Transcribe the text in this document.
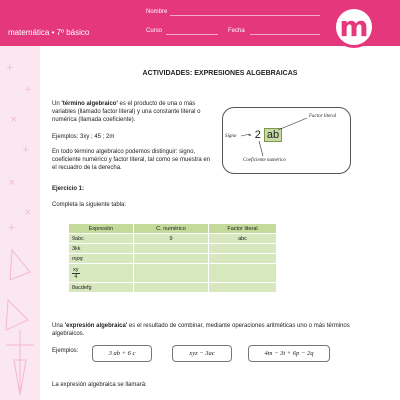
+
+
×
+
×
+
×
matemática • 7º básico
Nombre
Curso	Fecha	m
ACTIVIDADES: EXPRESIONES ALGEBRAICAS
Un 'término algebraico' es el producto de una o más variables (llamado factor literal) y una constante literal o numérica (llamada coeficiente).
Ejemplos: 3xy ; 45 ; 2m
En todo término algebraico podemos distinguir: signo, coeficiente numérico y factor literal, tal como se muestra en el recuadro de la derecha.
- 2 ab
Signo
Factor literal
Coeficiente numérico
Ejercicio 1:
Completa la siguiente tabla:
Expresión	C. numérico	Factor literal
9abc	9	abc
3kk		
mpq		

$\frac{xy}{4}$		
8acdefg		
Una 'expresión algebraica' es el resultado de combinar, mediante operaciones aritméticas uno o más términos algebraicos.
Ejemplos:	3 ab + 6 c	xyz − 3ac	4m − 3t + 6p − 2q
La expresión algebraica se llamará:
